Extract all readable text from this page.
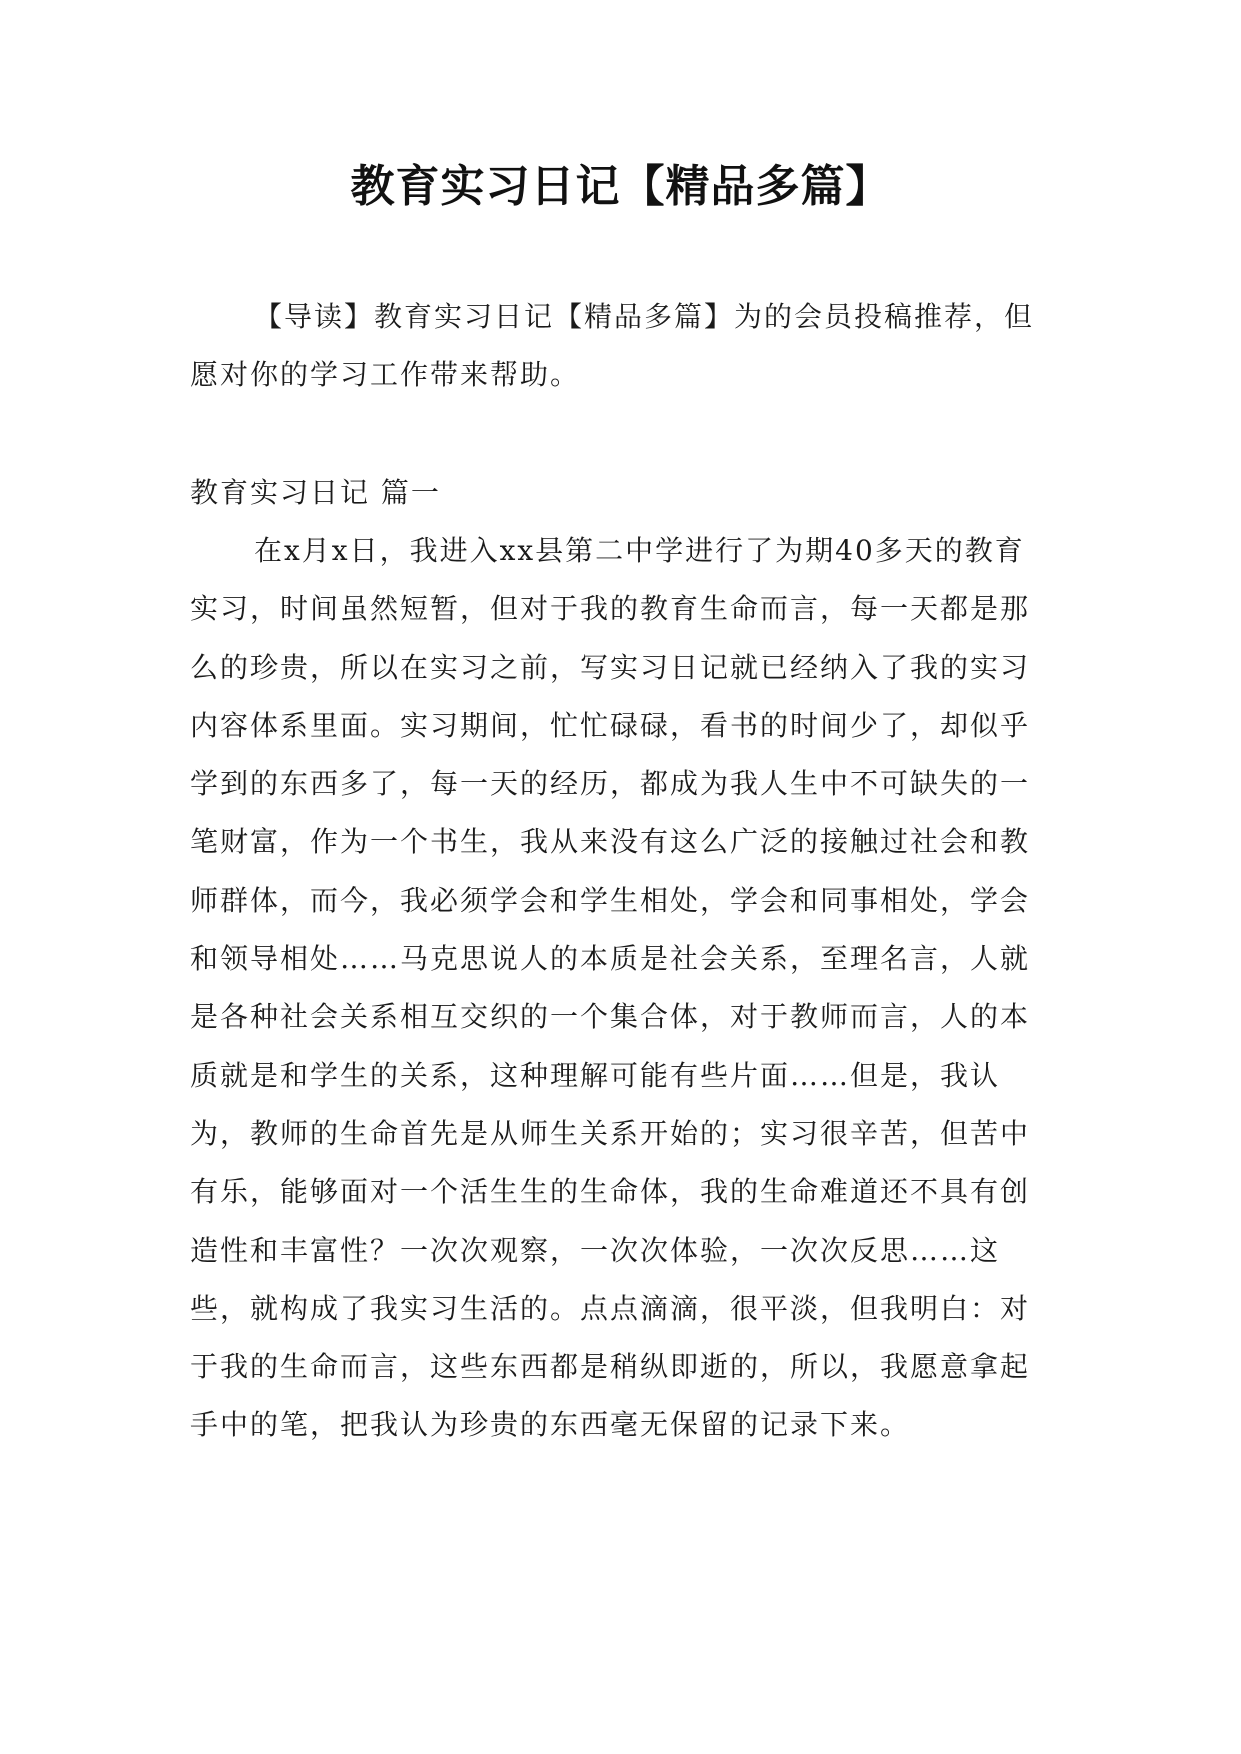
教育实习日记【精品多篇】

【导读】教育实习日记【精品多篇】为的会员投稿推荐，但愿对你的学习工作带来帮助。

教育实习日记 篇一

在x月x日，我进入xx县第二中学进行了为期40多天的教育实习，时间虽然短暂，但对于我的教育生命而言，每一天都是那么的珍贵，所以在实习之前，写实习日记就已经纳入了我的实习内容体系里面。实习期间，忙忙碌碌，看书的时间少了，却似乎学到的东西多了，每一天的经历，都成为我人生中不可缺失的一笔财富，作为一个书生，我从来没有这么广泛的接触过社会和教师群体，而今，我必须学会和学生相处，学会和同事相处，学会和领导相处……马克思说人的本质是社会关系，至理名言，人就是各种社会关系相互交织的一个集合体，对于教师而言，人的本质就是和学生的关系，这种理解可能有些片面……但是，我认为，教师的生命首先是从师生关系开始的；实习很辛苦，但苦中有乐，能够面对一个活生生的生命体，我的生命难道还不具有创造性和丰富性？一次次观察，一次次体验，一次次反思……这些，就构成了我实习生活的。点点滴滴，很平淡，但我明白：对于我的生命而言，这些东西都是稍纵即逝的，所以，我愿意拿起手中的笔，把我认为珍贵的东西毫无保留的记录下来。
